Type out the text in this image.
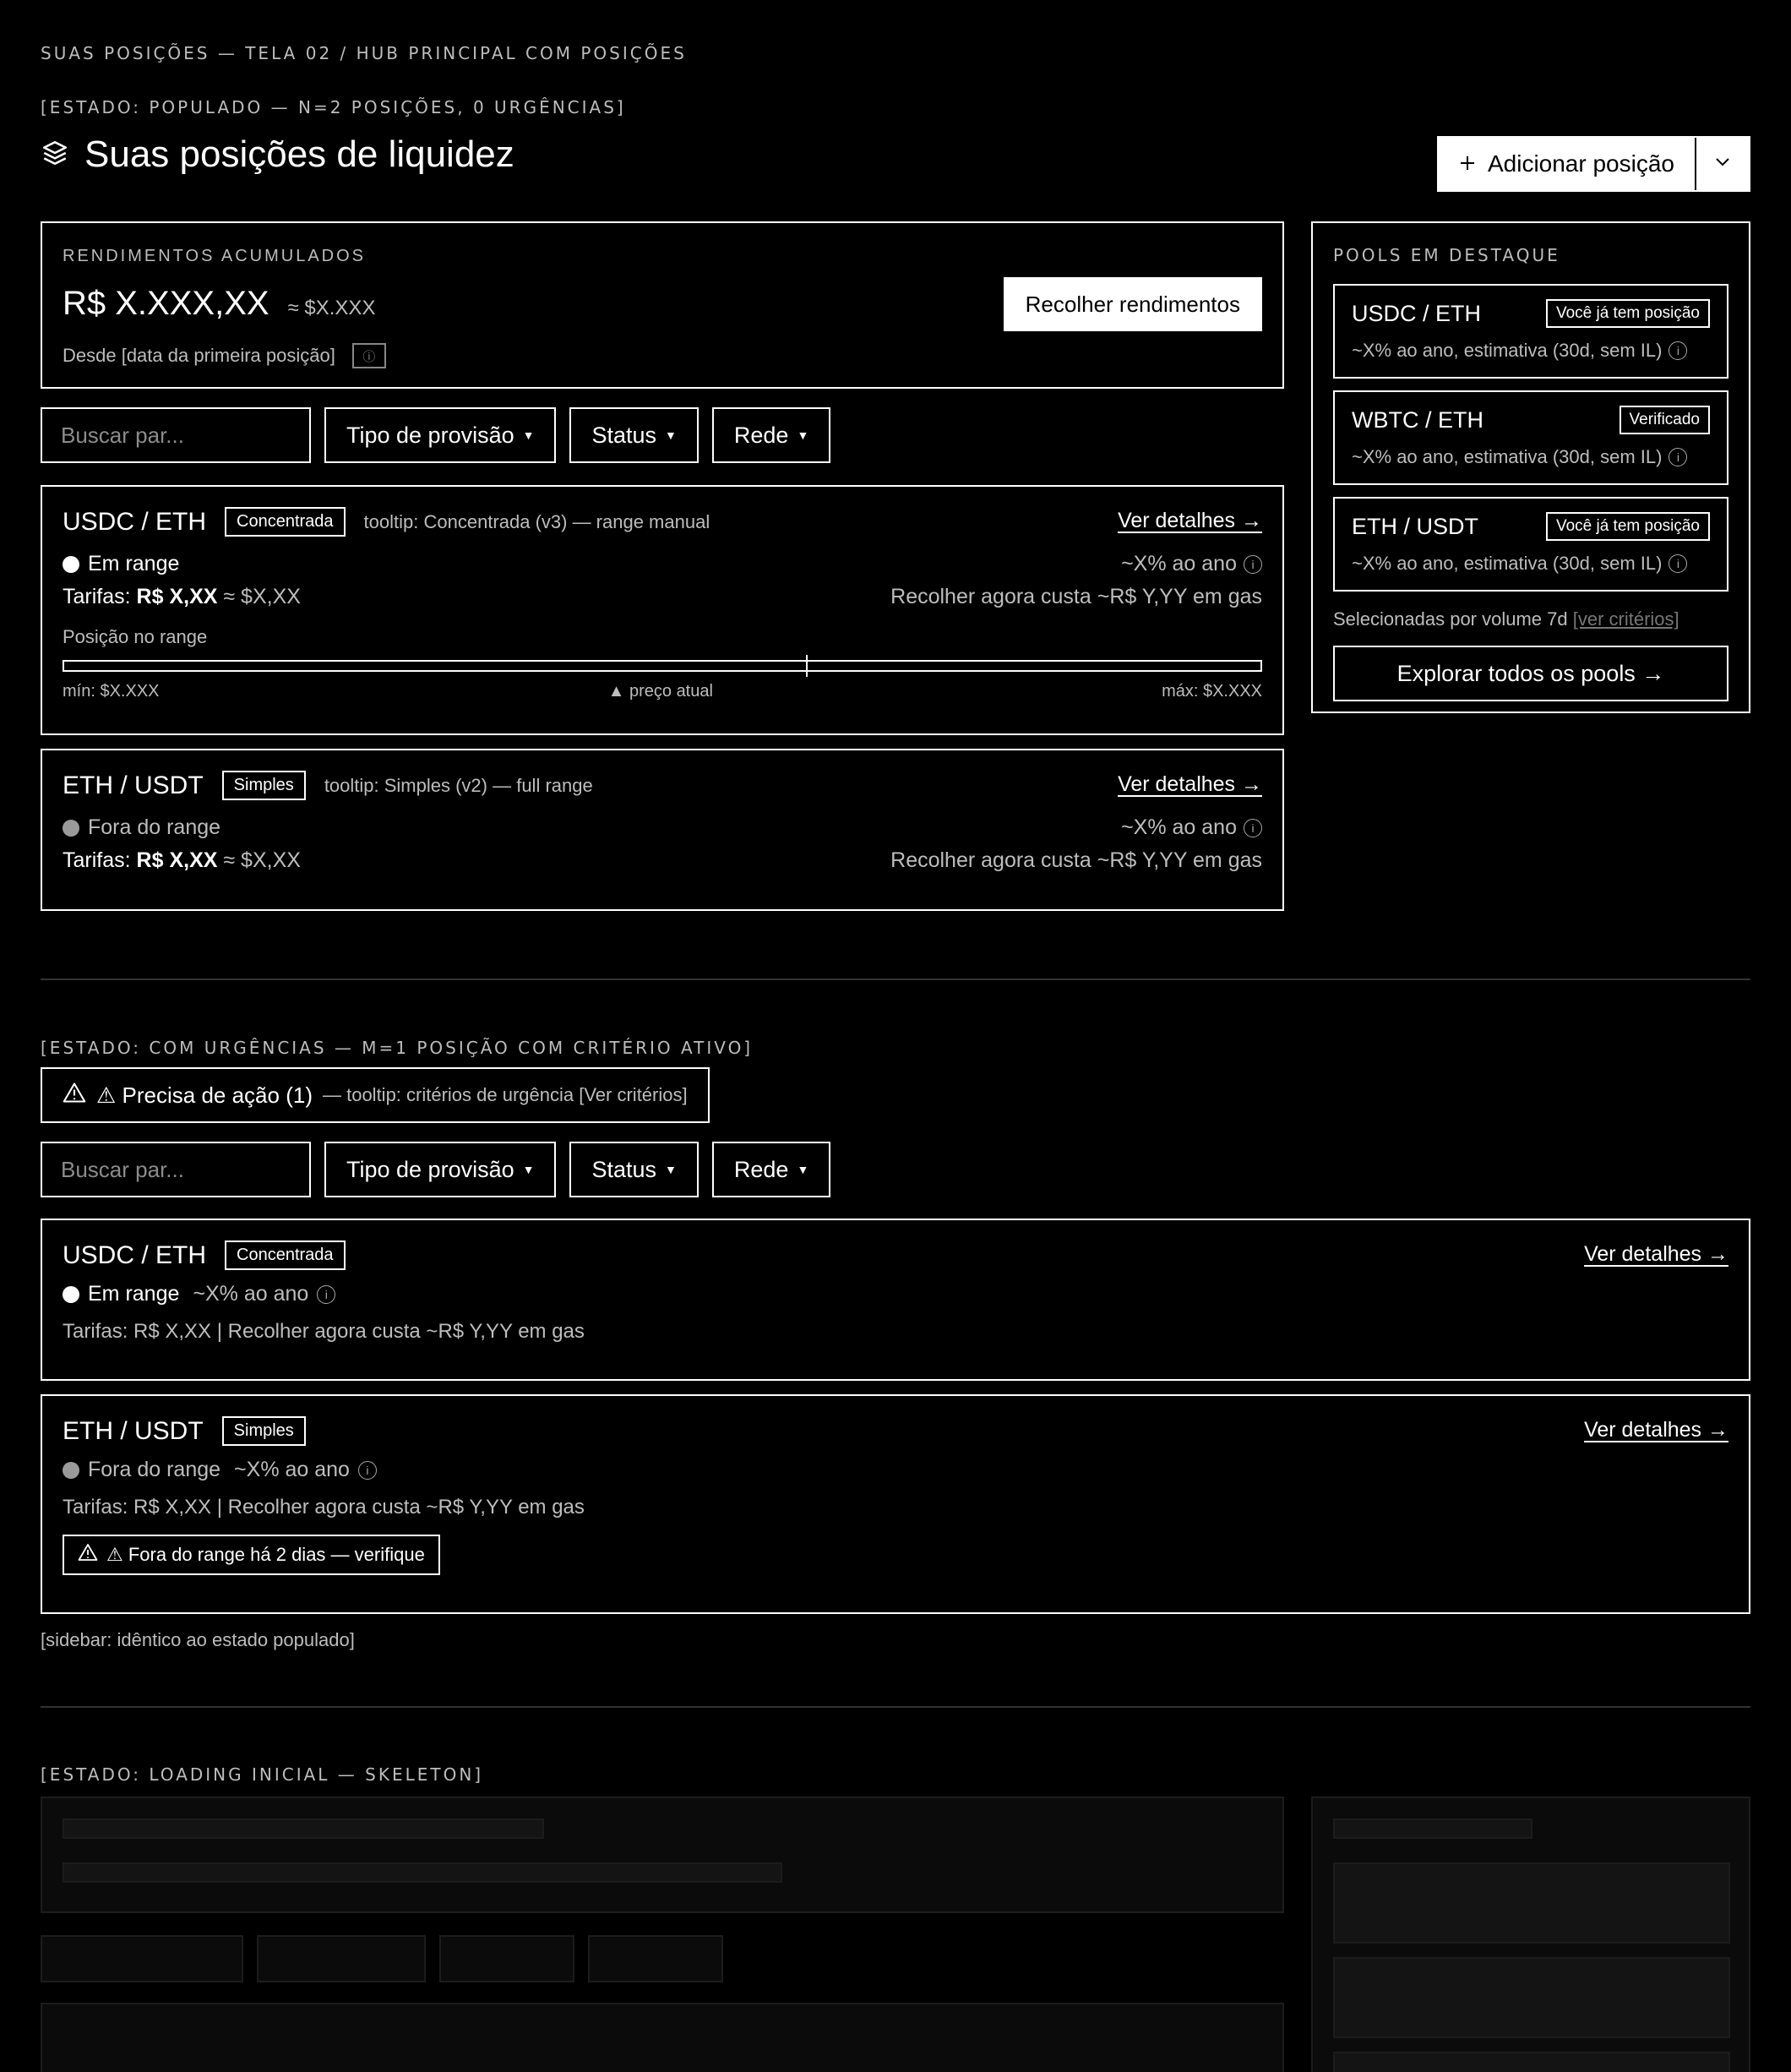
SUAS POSIÇÕES — TELA 02 / HUB PRINCIPAL COM POSIÇÕES
[ESTADO: POPULADO — N=2 POSIÇÕES, 0 URGÊNCIAS]
Suas posições de liquidez	Adicionar posição
RENDIMENTOS ACUMULADOS
R$ X.XXX,XX ≈ $X.XXX
Desde [data da primeira posição]	ⓘ
Recolher rendimentos
Buscar par...	Tipo de provisão ▼	Status ▼	Rede ▼
USDC / ETH	Concentrada	tooltip: Concentrada (v3) — range manual	Ver detalhes →
Em range	~X% ao ano	i
Tarifas: R$ X,XX ≈ $X,XX	Recolher agora custa ~R$ Y,YY em gas
Posição no range
mín: $X.XXX	▲ preço atual	máx: $X.XXX
ETH / USDT	Simples	tooltip: Simples (v2) — full range	Ver detalhes →
Fora do range	~X% ao ano	i
Tarifas: R$ X,XX ≈ $X,XX	Recolher agora custa ~R$ Y,YY em gas
POOLS EM DESTAQUE
USDC / ETH	Você já tem posição
~X% ao ano, estimativa (30d, sem IL)	i
WBTC / ETH	Verificado
~X% ao ano, estimativa (30d, sem IL)	i
ETH / USDT	Você já tem posição
~X% ao ano, estimativa (30d, sem IL)	i
Selecionadas por volume 7d [ver critérios]
Explorar todos os pools →
[ESTADO: COM URGÊNCIAS — M=1 POSIÇÃO COM CRITÉRIO ATIVO]
⚠ Precisa de ação (1) — tooltip: critérios de urgência [Ver critérios]
Buscar par...	Tipo de provisão ▼	Status ▼	Rede ▼
USDC / ETH	Concentrada	Ver detalhes →
Em range ~X% ao ano	i
Tarifas: R$ X,XX | Recolher agora custa ~R$ Y,YY em gas
ETH / USDT	Simples	Ver detalhes →
Fora do range ~X% ao ano	i
Tarifas: R$ X,XX | Recolher agora custa ~R$ Y,YY em gas
⚠ Fora do range há 2 dias — verifique
[sidebar: idêntico ao estado populado]
[ESTADO: LOADING INICIAL — SKELETON]
